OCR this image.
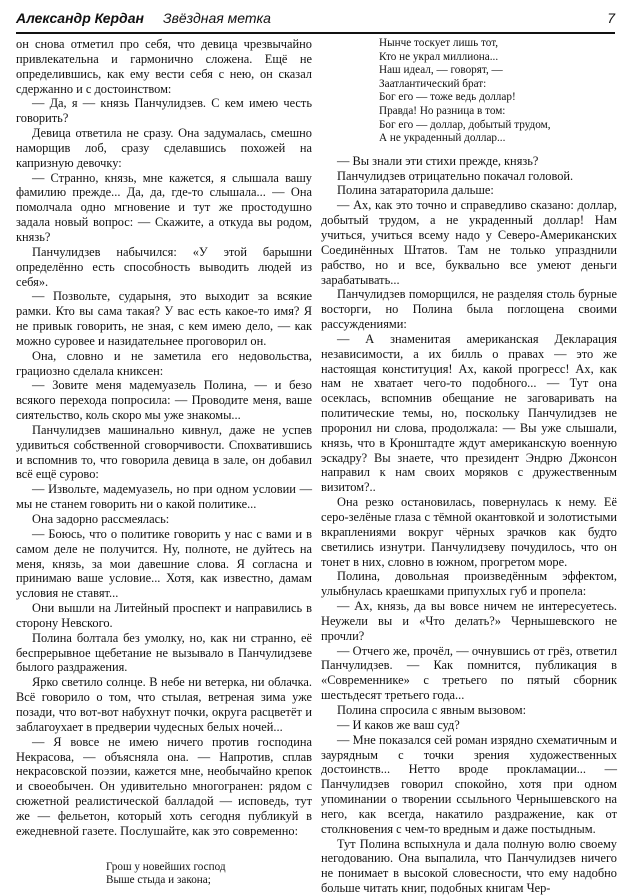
Александр Кердан Звёздная метка	7

он снова отметил про себя, что девица чрезвычайно привлекательна и гармонично сложена. Ещё не определившись, как ему вести себя с нею, он сказал сдержанно и с достоинством:

— Да, я — князь Панчулидзев. С кем имею честь говорить?

Девица ответила не сразу. Она задумалась, смешно наморщив лоб, сразу сделавшись похожей на капризную девочку:

— Странно, князь, мне кажется, я слышала вашу фамилию прежде... Да, да, где-то слышала... — Она помолчала одно мгновение и тут же простодушно задала новый вопрос: — Скажите, а откуда вы родом, князь?

Панчулидзев набычился: «У этой барышни определённо есть способность выводить людей из себя».

— Позвольте, сударыня, это выходит за всякие рамки. Кто вы сама такая? У вас есть какое-то имя? Я не привык говорить, не зная, с кем имею дело, — как можно суровее и назидательнее проговорил он.

Она, словно и не заметила его недовольства, грациозно сделала книксен:

— Зовите меня мадемуазель Полина, — и безо всякого перехода попросила: — Проводите меня, ваше сиятельство, коль скоро мы уже знакомы...

Панчулидзев машинально кивнул, даже не успев удивиться собственной сговорчивости. Спохватившись и вспомнив то, что говорила девица в зале, он добавил всё ещё сурово:

— Извольте, мадемуазель, но при одном условии — мы не станем говорить ни о какой политике...

Она задорно рассмеялась:

— Боюсь, что о политике говорить у нас с вами и в самом деле не получится. Ну, полноте, не дуйтесь на меня, князь, за мои давешние слова. Я согласна и принимаю ваше условие... Хотя, как известно, дамам условия не ставят...

Они вышли на Литейный проспект и направились в сторону Невского.

Полина болтала без умолку, но, как ни странно, её беспрерывное щебетание не вызывало в Панчулидзеве былого раздражения.

Ярко светило солнце. В небе ни ветерка, ни облачка. Всё говорило о том, что стылая, ветреная зима уже позади, что вот-вот набухнут почки, округа расцветёт и заблагоухает в предверии чудесных белых ночей...

— Я вовсе не имею ничего против господина Некрасова, — объясняла она. — Напротив, сплав некрасовской поэзии, кажется мне, необычайно крепок и своеобычен. Он удивительно многогранен: рядом с сюжетной реалистической балладой — исповедь, тут же — фельетон, который хоть сегодня публикуй в ежедневной газете. Послушайте, как это современно:

Грош у новейших господ
Выше стыда и закона;
Нынче тоскует лишь тот,
Кто не украл миллиона...
Наш идеал, — говорят, —
Заатлантический брат:
Бог его — тоже ведь доллар!
Правда! Но разница в том:
Бог его — доллар, добытый трудом,
А не украденный доллар...

— Вы знали эти стихи прежде, князь?

Панчулидзев отрицательно покачал головой.

Полина затараторила дальше:

— Ах, как это точно и справедливо сказано: доллар, добытый трудом, а не украденный доллар! Нам учиться, учиться всему надо у Северо-Американских Соединённых Штатов. Там не только упразднили рабство, но и все, буквально все умеют деньги зарабатывать...

Панчулидзев поморщился, не разделяя столь бурные восторги, но Полина была поглощена своими рассуждениями:

— А знаменитая американская Декларация независимости, а их билль о правах — это же настоящая конституция! Ах, какой прогресс! Ах, как нам не хватает чего-то подобного... — Тут она осеклась, вспомнив обещание не заговаривать на политические темы, но, поскольку Панчулидзев не проронил ни слова, продолжала: — Вы уже слышали, князь, что в Кронштадте ждут американскую военную эскадру? Вы знаете, что президент Эндрю Джонсон направил к нам своих моряков с дружественным визитом?..

Она резко остановилась, повернулась к нему. Её серо-зелёные глаза с тёмной окантовкой и золотистыми вкраплениями вокруг чёрных зрачков как будто светились изнутри. Панчулидзеву почудилось, что он тонет в них, словно в южном, прогретом море.

Полина, довольная произведённым эффектом, улыбнулась краешками припухлых губ и пропела:

— Ах, князь, да вы вовсе ничем не интересуетесь. Неужели вы и «Что делать?» Чернышевского не прочли?

— Отчего же, прочёл, — очнувшись от грёз, ответил Панчулидзев. — Как помнится, публикация в «Современнике» с третьего по пятый сборник шестьдесят третьего года...

Полина спросила с явным вызовом:

— И каков же ваш суд?

— Мне показался сей роман изрядно схематичным и заурядным с точки зрения художественных достоинств... Нетто вроде прокламации... — Панчулидзев говорил спокойно, хотя при одном упоминании о творении ссыльного Чернышевского на него, как всегда, накатило раздражение, как от столкновения с чем-то вредным и даже постыдным.

Тут Полина вспыхнула и дала полную волю своему негодованию. Она выпалила, что Панчулидзев ничего не понимает в высокой словесности, что ему надобно больше читать книг, подобных книгам Чер-
